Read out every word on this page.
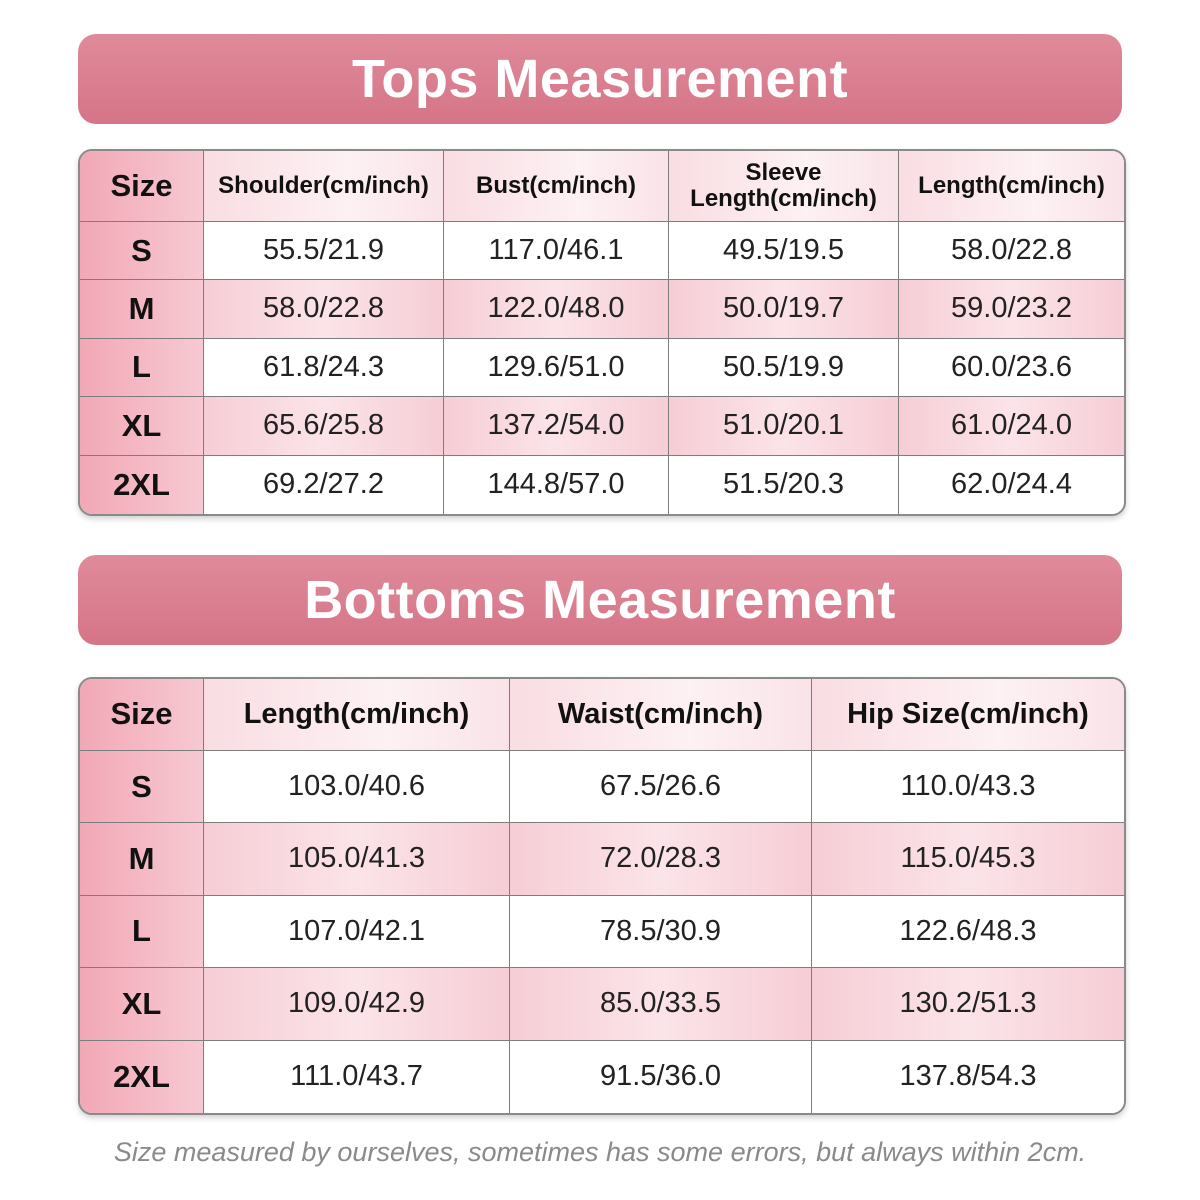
Tops Measurement
Size	Shoulder(cm/inch)	Bust(cm/inch)	Sleeve Length(cm/inch)	Length(cm/inch)
S	55.5/21.9	117.0/46.1	49.5/19.5	58.0/22.8
M	58.0/22.8	122.0/48.0	50.0/19.7	59.0/23.2
L	61.8/24.3	129.6/51.0	50.5/19.9	60.0/23.6
XL	65.6/25.8	137.2/54.0	51.0/20.1	61.0/24.0
2XL	69.2/27.2	144.8/57.0	51.5/20.3	62.0/24.4
Bottoms Measurement
Size	Length(cm/inch)	Waist(cm/inch)	Hip Size(cm/inch)
S	103.0/40.6	67.5/26.6	110.0/43.3
M	105.0/41.3	72.0/28.3	115.0/45.3
L	107.0/42.1	78.5/30.9	122.6/48.3
XL	109.0/42.9	85.0/33.5	130.2/51.3
2XL	111.0/43.7	91.5/36.0	137.8/54.3
Size measured by ourselves, sometimes has some errors, but always within 2cm.
